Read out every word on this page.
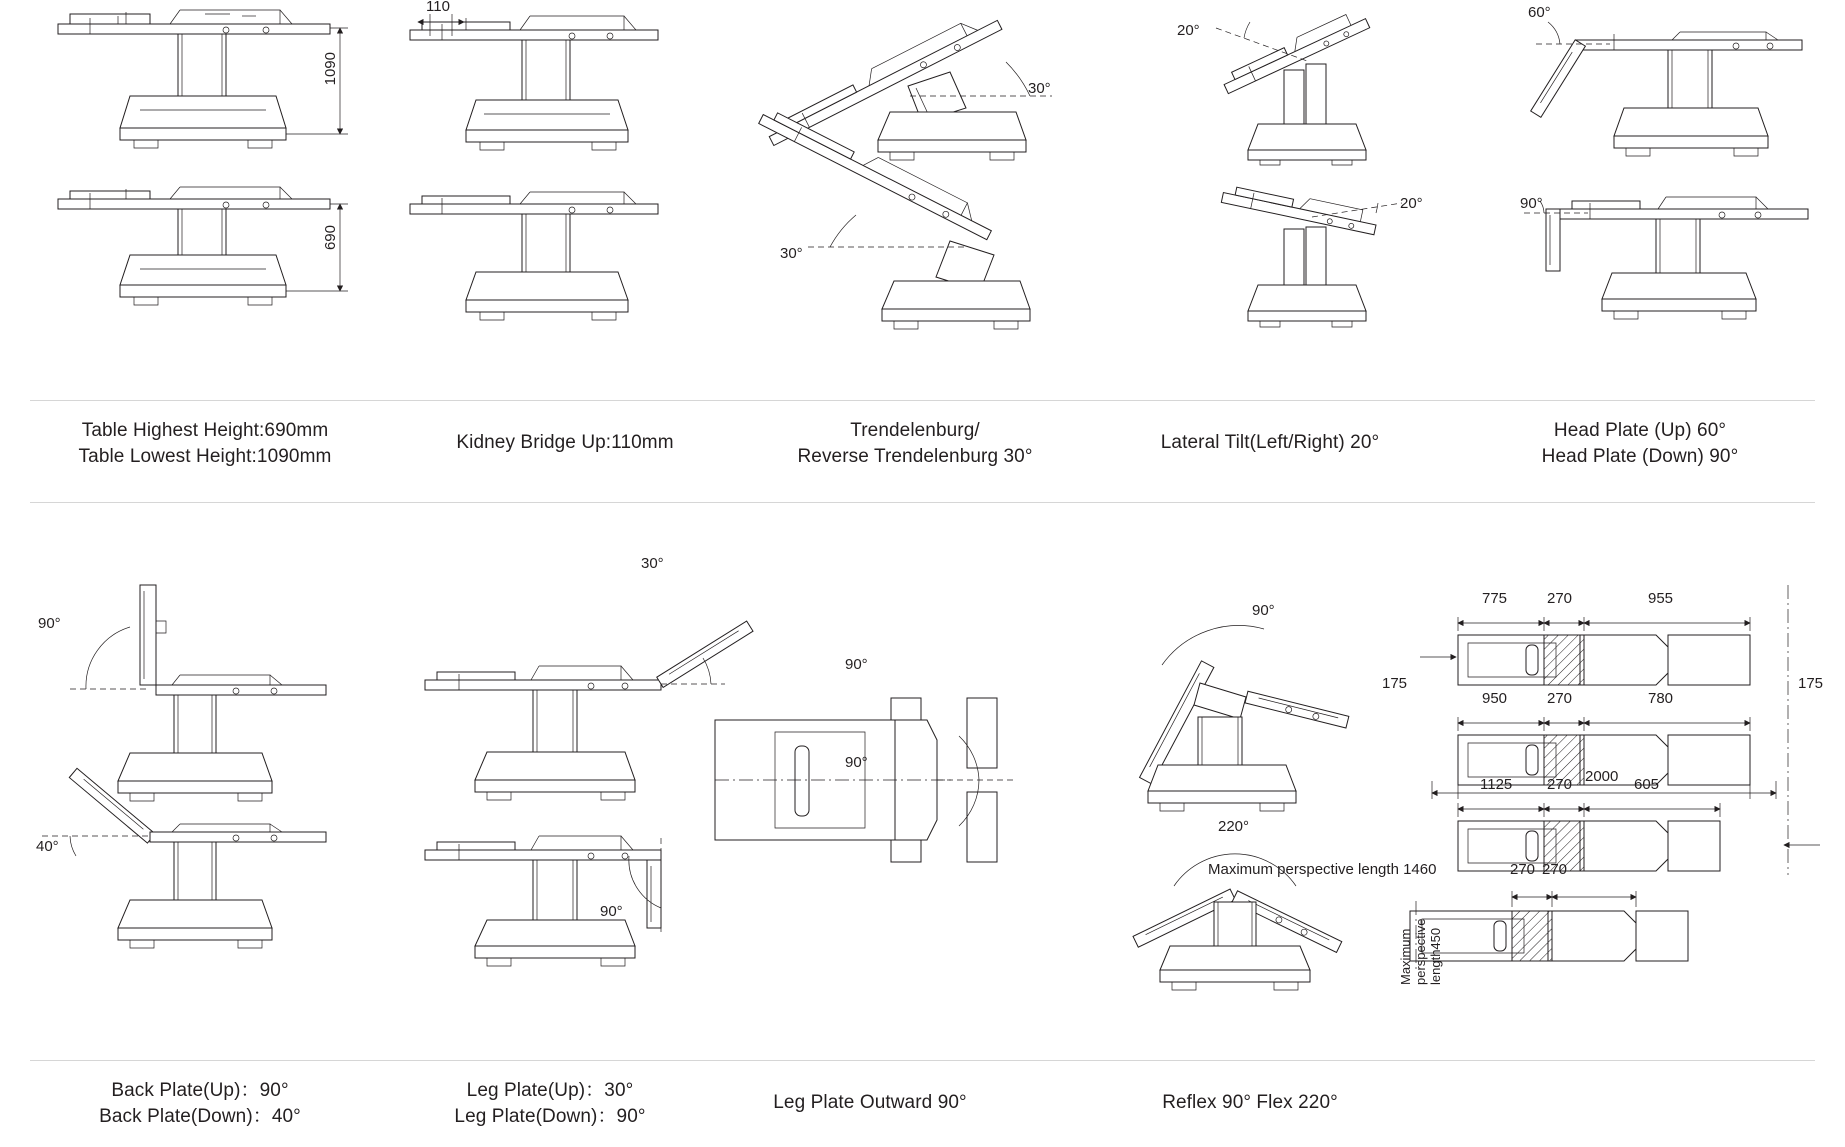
1090
690
110
30°
30°
20°
20°
60°
90°
Table Highest Height:690mm
Table Lowest Height:1090mm
Kidney Bridge Up:110mm
Trendelenburg/
Reverse Trendelenburg 30°
Lateral Tilt(Left/Right) 20°
Head Plate (Up) 60°
Head Plate (Down) 90°
90°
40°
30°
90°
90°
90°
90°
220°
775	270	955
950	270	780
2000
175	175
1125 270	605
Maximum perspective length 1460	270 270
Maximum perspective length450
Back Plate(Up)：90°
Back Plate(Down)：40°
Leg Plate(Up)：30°
Leg Plate(Down)：90°
Leg Plate Outward 90°	Reflex 90° Flex 220°
